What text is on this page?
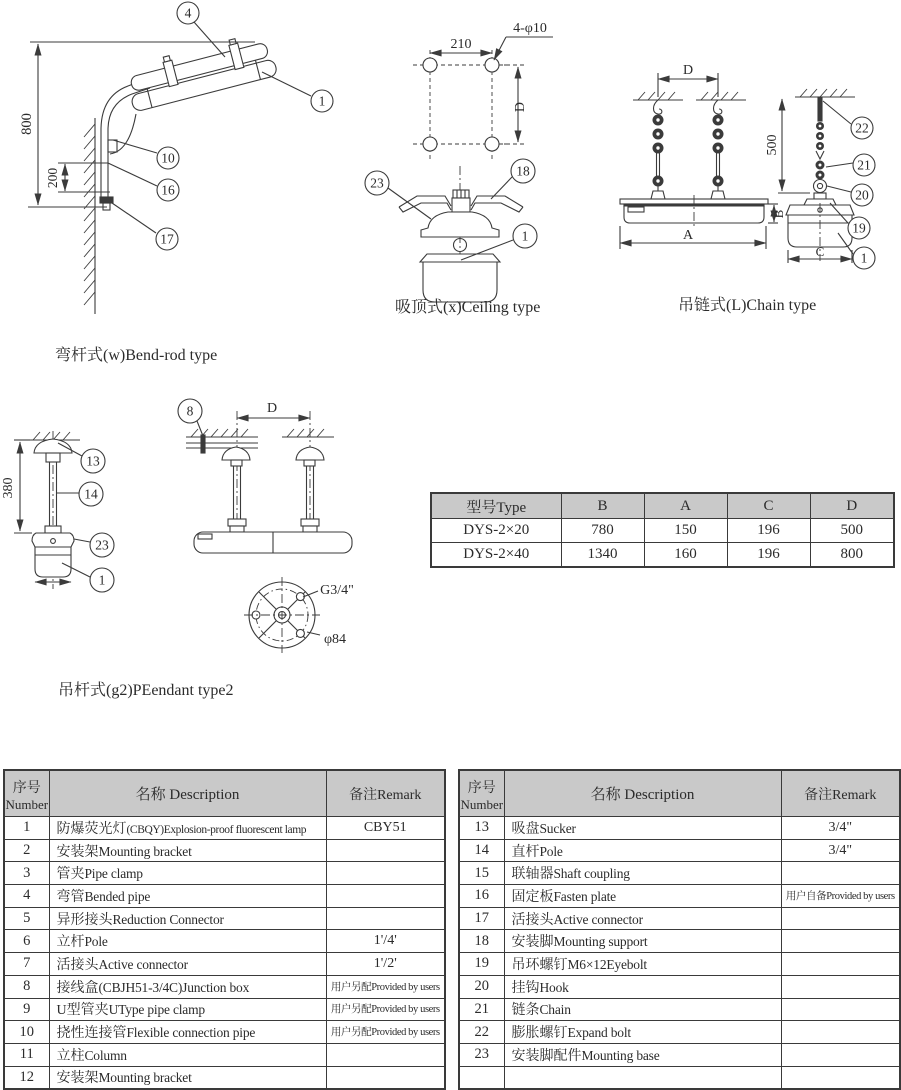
4
1
10
16
17
800
200
弯杆式(w)Bend-rod type
210
4-φ10
D
23
18
1
吸顶式(x)Ceiling type
D
500
A
B
C
22
21
20
19
1
吊链式(L)Chain type
380
D
13
14
23
1
8
G3/4"
φ84
吊杆式(g2)PEendant type2
型号Type	B	A	C	D
DYS-2×20	780	150	196	500
DYS-2×40	1340	160	196	800
序号
Number	名称 Description	备注Remark
1	防爆荧光灯(CBQY)Explosion-proof fluorescent lamp	CBY51
2	安装架Mounting bracket	
3	管夹Pipe clamp	
4	弯管Bended pipe	
5	异形接头Reduction Connector	
6	立杆Pole	1'/4'
7	活接头Active connector	1'/2'
8	接线盒(CBJH51-3/4C)Junction box	用户另配Provided by users
9	U型管夹UType pipe clamp	用户另配Provided by users
10	挠性连接管Flexible connection pipe	用户另配Provided by users
11	立柱Column	
12	安装架Mounting bracket	
序号
Number	名称 Description	备注Remark
13	吸盘Sucker	3/4"
14	直杆Pole	3/4"
15	联轴器Shaft coupling	
16	固定板Fasten plate	用户自备Provided by users
17	活接头Active connector	
18	安装脚Mounting support	
19	吊环螺钉M6×12Eyebolt	
20	挂钩Hook	
21	链条Chain	
22	膨胀螺钉Expand bolt	
23	安装脚配件Mounting base	
